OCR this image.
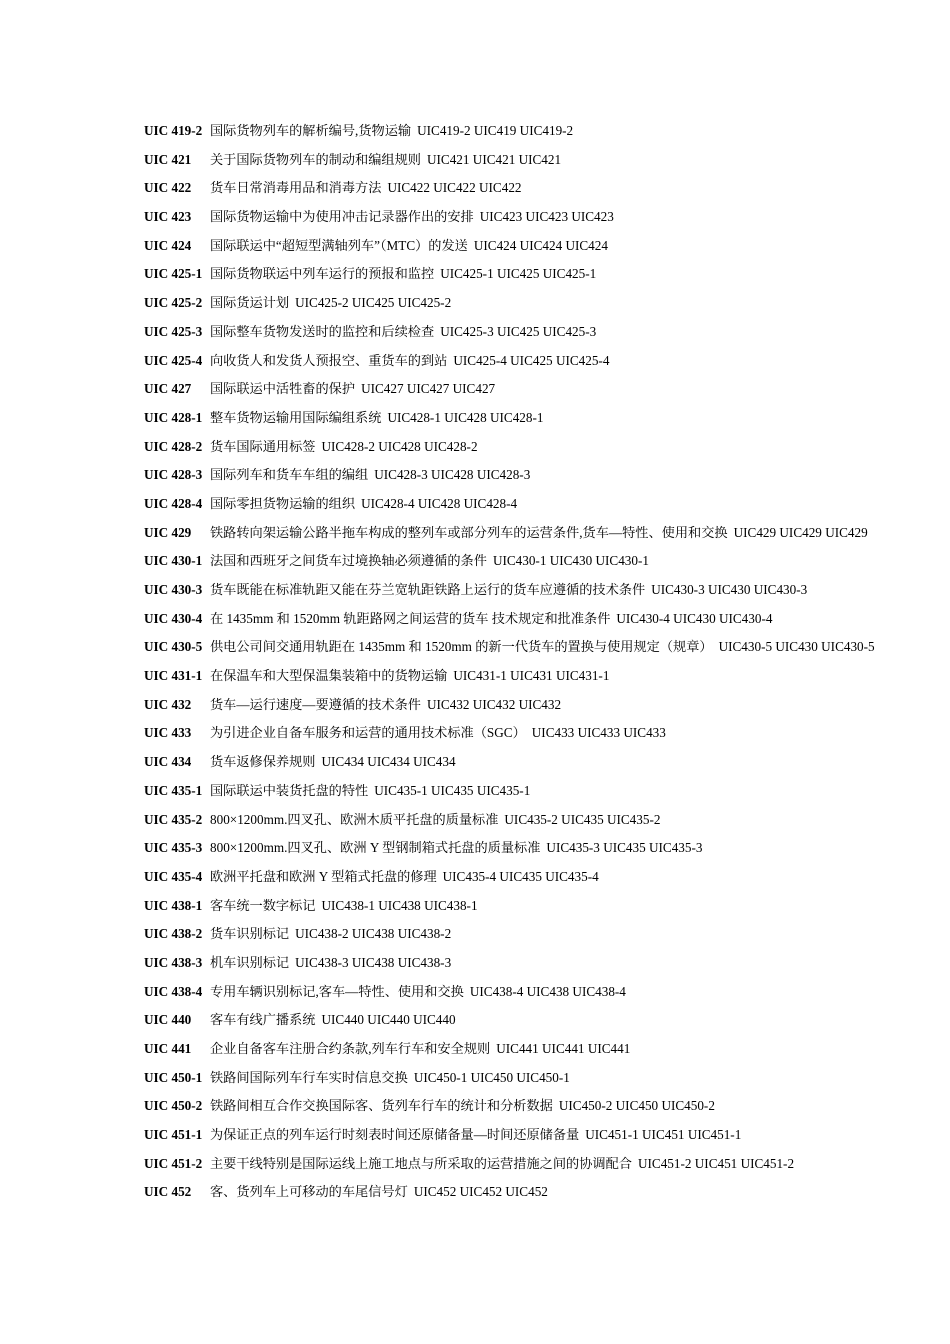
UIC 419-2 国际货物列车的解析编号,货物运输 UIC419-2 UIC419 UIC419-2
UIC 421 关于国际货物列车的制动和编组规则 UIC421 UIC421 UIC421
UIC 422 货车日常消毒用品和消毒方法 UIC422 UIC422 UIC422
UIC 423 国际货物运输中为使用冲击记录器作出的安排 UIC423 UIC423 UIC423
UIC 424 国际联运中“超短型满轴列车”（MTC）的发送 UIC424 UIC424 UIC424
UIC 425-1 国际货物联运中列车运行的预报和监控 UIC425-1 UIC425 UIC425-1
UIC 425-2 国际货运计划 UIC425-2 UIC425 UIC425-2
UIC 425-3 国际整车货物发送时的监控和后续检查 UIC425-3 UIC425 UIC425-3
UIC 425-4 向收货人和发货人预报空、重货车的到站 UIC425-4 UIC425 UIC425-4
UIC 427 国际联运中活牲畜的保护 UIC427 UIC427 UIC427
UIC 428-1 整车货物运输用国际编组系统 UIC428-1 UIC428 UIC428-1
UIC 428-2 货车国际通用标签 UIC428-2 UIC428 UIC428-2
UIC 428-3 国际列车和货车车组的编组 UIC428-3 UIC428 UIC428-3
UIC 428-4 国际零担货物运输的组织 UIC428-4 UIC428 UIC428-4
UIC 429 铁路转向架运输公路半拖车构成的整列车或部分列车的运营条件,货车—特性、使用和交换 UIC429 UIC429 UIC429
UIC 430-1 法国和西班牙之间货车过境换轴必须遵循的条件 UIC430-1 UIC430 UIC430-1
UIC 430-3 货车既能在标准轨距又能在芬兰宽轨距铁路上运行的货车应遵循的技术条件 UIC430-3 UIC430 UIC430-3
UIC 430-4 在 1435mm 和 1520mm 轨距路网之间运营的货车 技术规定和批准条件 UIC430-4 UIC430 UIC430-4
UIC 430-5 供电公司间交通用轨距在 1435mm 和 1520mm 的新一代货车的置换与使用规定（规章） UIC430-5 UIC430 UIC430-5
UIC 431-1 在保温车和大型保温集装箱中的货物运输 UIC431-1 UIC431 UIC431-1
UIC 432 货车—运行速度—要遵循的技术条件 UIC432 UIC432 UIC432
UIC 433 为引进企业自备车服务和运营的通用技术标准（SGC） UIC433 UIC433 UIC433
UIC 434 货车返修保养规则 UIC434 UIC434 UIC434
UIC 435-1 国际联运中装货托盘的特性 UIC435-1 UIC435 UIC435-1
UIC 435-2 800×1200mm.四叉孔、欧洲木质平托盘的质量标准 UIC435-2 UIC435 UIC435-2
UIC 435-3 800×1200mm.四叉孔、欧洲 Y 型钢制箱式托盘的质量标准 UIC435-3 UIC435 UIC435-3
UIC 435-4 欧洲平托盘和欧洲 Y 型箱式托盘的修理 UIC435-4 UIC435 UIC435-4
UIC 438-1 客车统一数字标记 UIC438-1 UIC438 UIC438-1
UIC 438-2 货车识别标记 UIC438-2 UIC438 UIC438-2
UIC 438-3 机车识别标记 UIC438-3 UIC438 UIC438-3
UIC 438-4 专用车辆识别标记,客车—特性、使用和交换 UIC438-4 UIC438 UIC438-4
UIC 440 客车有线广播系统 UIC440 UIC440 UIC440
UIC 441 企业自备客车注册合约条款,列车行车和安全规则 UIC441 UIC441 UIC441
UIC 450-1 铁路间国际列车行车实时信息交换 UIC450-1 UIC450 UIC450-1
UIC 450-2 铁路间相互合作交换国际客、货列车行车的统计和分析数据 UIC450-2 UIC450 UIC450-2
UIC 451-1 为保证正点的列车运行时刻表时间还原储备量—时间还原储备量 UIC451-1 UIC451 UIC451-1
UIC 451-2 主要干线特别是国际运线上施工地点与所采取的运营措施之间的协调配合 UIC451-2 UIC451 UIC451-2
UIC 452 客、货列车上可移动的车尾信号灯 UIC452 UIC452 UIC452
